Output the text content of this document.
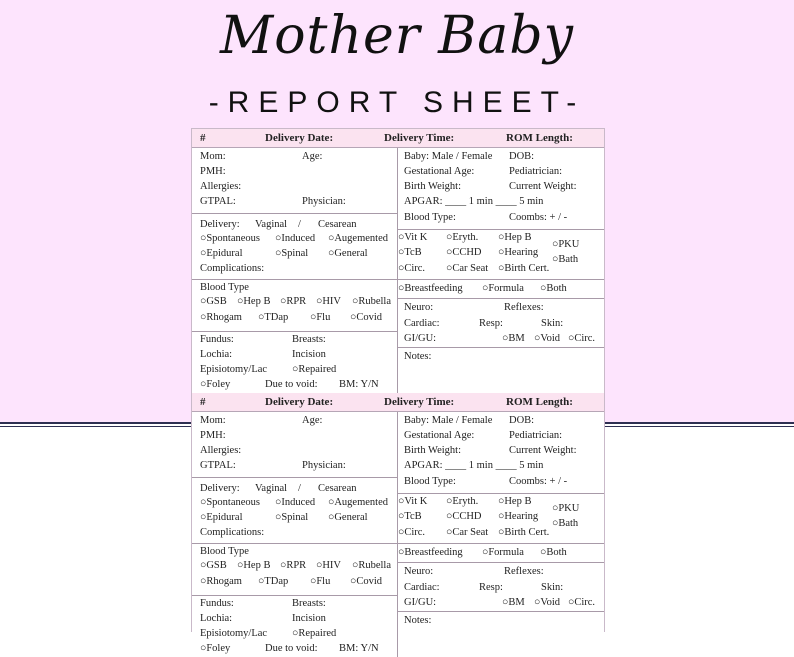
Mother Baby
-REPORT SHEET-
#	Delivery Date:	Delivery Time:	ROM Length:
Mom:	Age:
PMH:
Allergies:
GTPAL:	Physician:
Delivery: Vaginal / Cesarean
○Spontaneous ○Induced ○Augemented
○Epidural	○Spinal ○General
Complications:
Blood Type
○GSB ○Hep B ○RPR ○HIV ○Rubella
○Rhogam ○TDap ○Flu ○Covid
Fundus:	Breasts:
Lochia:	Incision
Episiotomy/Lac ○Repaired
○Foley	Due to void: BM: Y/N
Baby: Male / Female DOB:
Gestational Age:	Pediatrician:
Birth Weight:	Current Weight:
APGAR: ____ 1 min ____ 5 min
Blood Type:	Coombs: + / -
○Vit K ○Eryth. ○Hep B
○PKU
○TcB ○CCHD ○Hearing
○Bath
○Circ. ○Car Seat ○Birth Cert.
○Breastfeeding ○Formula ○Both
Neuro:	Reflexes:
Cardiac:	Resp:	Skin:
GI/GU:	○BM ○Void ○Circ.
Notes:
#	Delivery Date:	Delivery Time:	ROM Length:
Mom:	Age:
PMH:
Allergies:
GTPAL:	Physician:
Delivery: Vaginal / Cesarean
○Spontaneous ○Induced ○Augemented
○Epidural	○Spinal ○General
Complications:
Blood Type
○GSB ○Hep B ○RPR ○HIV ○Rubella
○Rhogam ○TDap ○Flu ○Covid
Fundus:	Breasts:
Lochia:	Incision
Episiotomy/Lac ○Repaired
○Foley	Due to void: BM: Y/N
Baby: Male / Female DOB:
Gestational Age:	Pediatrician:
Birth Weight:	Current Weight:
APGAR: ____ 1 min ____ 5 min
Blood Type:	Coombs: + / -
○Vit K ○Eryth. ○Hep B
○PKU
○TcB ○CCHD ○Hearing
○Bath
○Circ. ○Car Seat ○Birth Cert.
○Breastfeeding ○Formula ○Both
Neuro:	Reflexes:
Cardiac:	Resp:	Skin:
GI/GU:	○BM ○Void ○Circ.
Notes:
